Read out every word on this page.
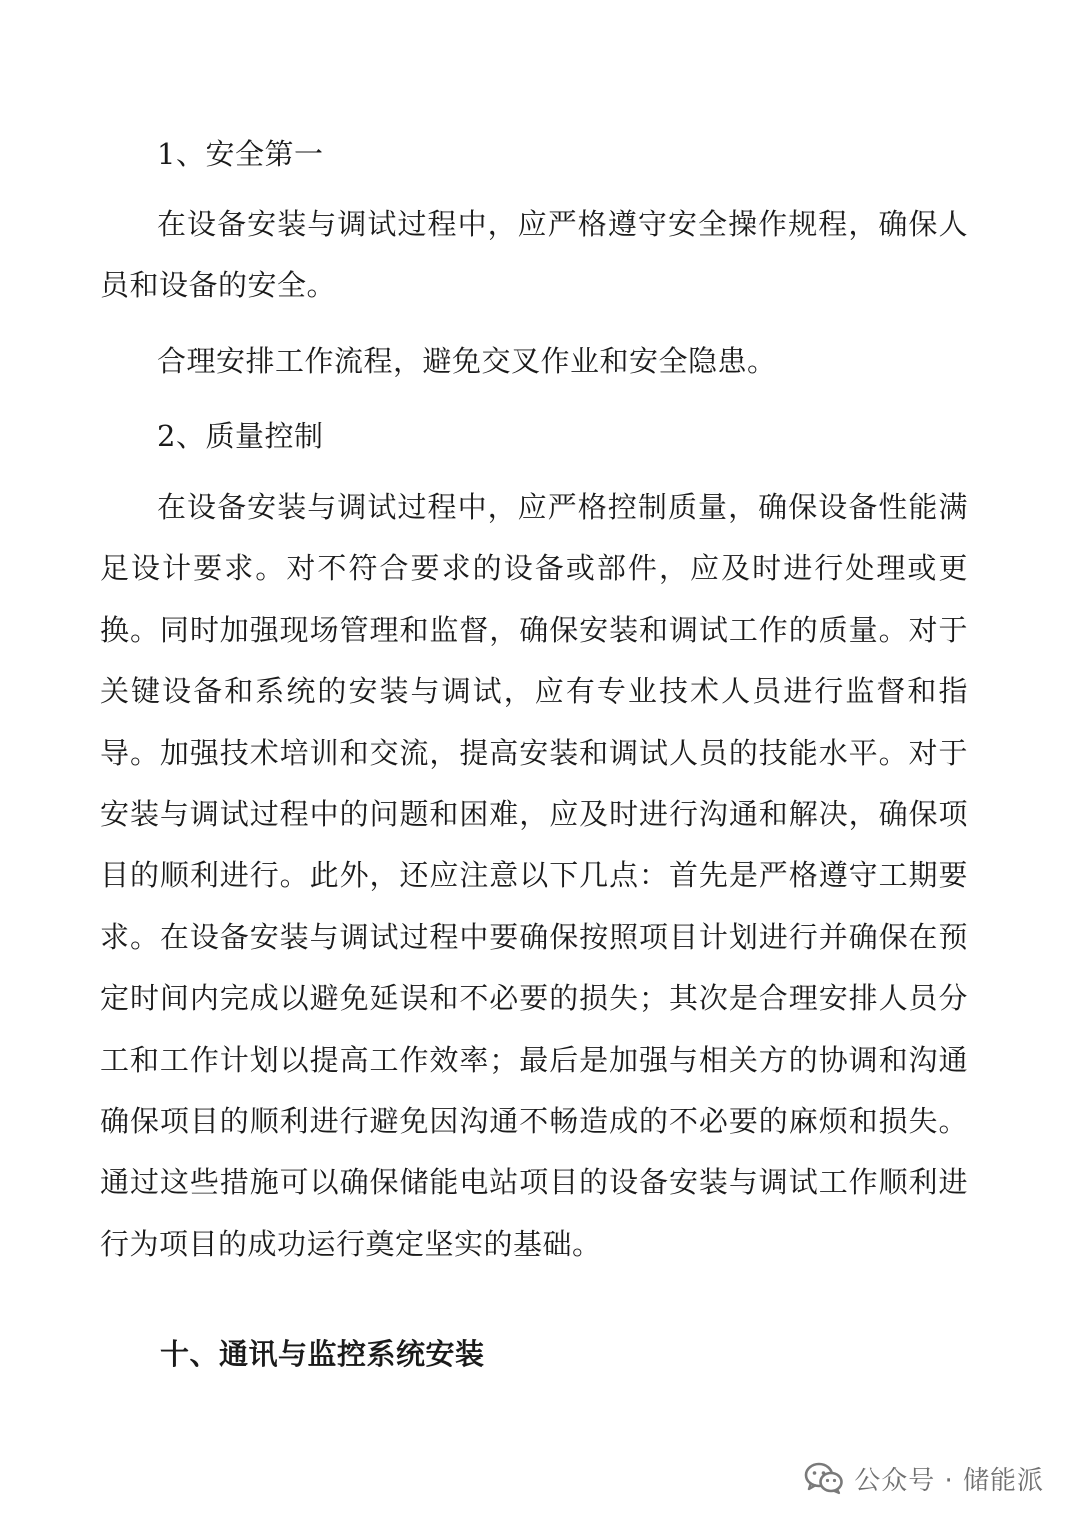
1、安全第一
在设备安装与调试过程中，应严格遵守安全操作规程，确保人员和设备的安全。
合理安排工作流程，避免交叉作业和安全隐患。
2、质量控制
在设备安装与调试过程中，应严格控制质量，确保设备性能满足设计要求。对不符合要求的设备或部件，应及时进行处理或更换。同时加强现场管理和监督，确保安装和调试工作的质量。对于关键设备和系统的安装与调试，应有专业技术人员进行监督和指导。加强技术培训和交流，提高安装和调试人员的技能水平。对于安装与调试过程中的问题和困难，应及时进行沟通和解决，确保项目的顺利进行。此外，还应注意以下几点：首先是严格遵守工期要求。在设备安装与调试过程中要确保按照项目计划进行并确保在预定时间内完成以避免延误和不必要的损失；其次是合理安排人员分工和工作计划以提高工作效率；最后是加强与相关方的协调和沟通确保项目的顺利进行避免因沟通不畅造成的不必要的麻烦和损失。通过这些措施可以确保储能电站项目的设备安装与调试工作顺利进行为项目的成功运行奠定坚实的基础。
十、通讯与监控系统安装
公众号 · 储能派
